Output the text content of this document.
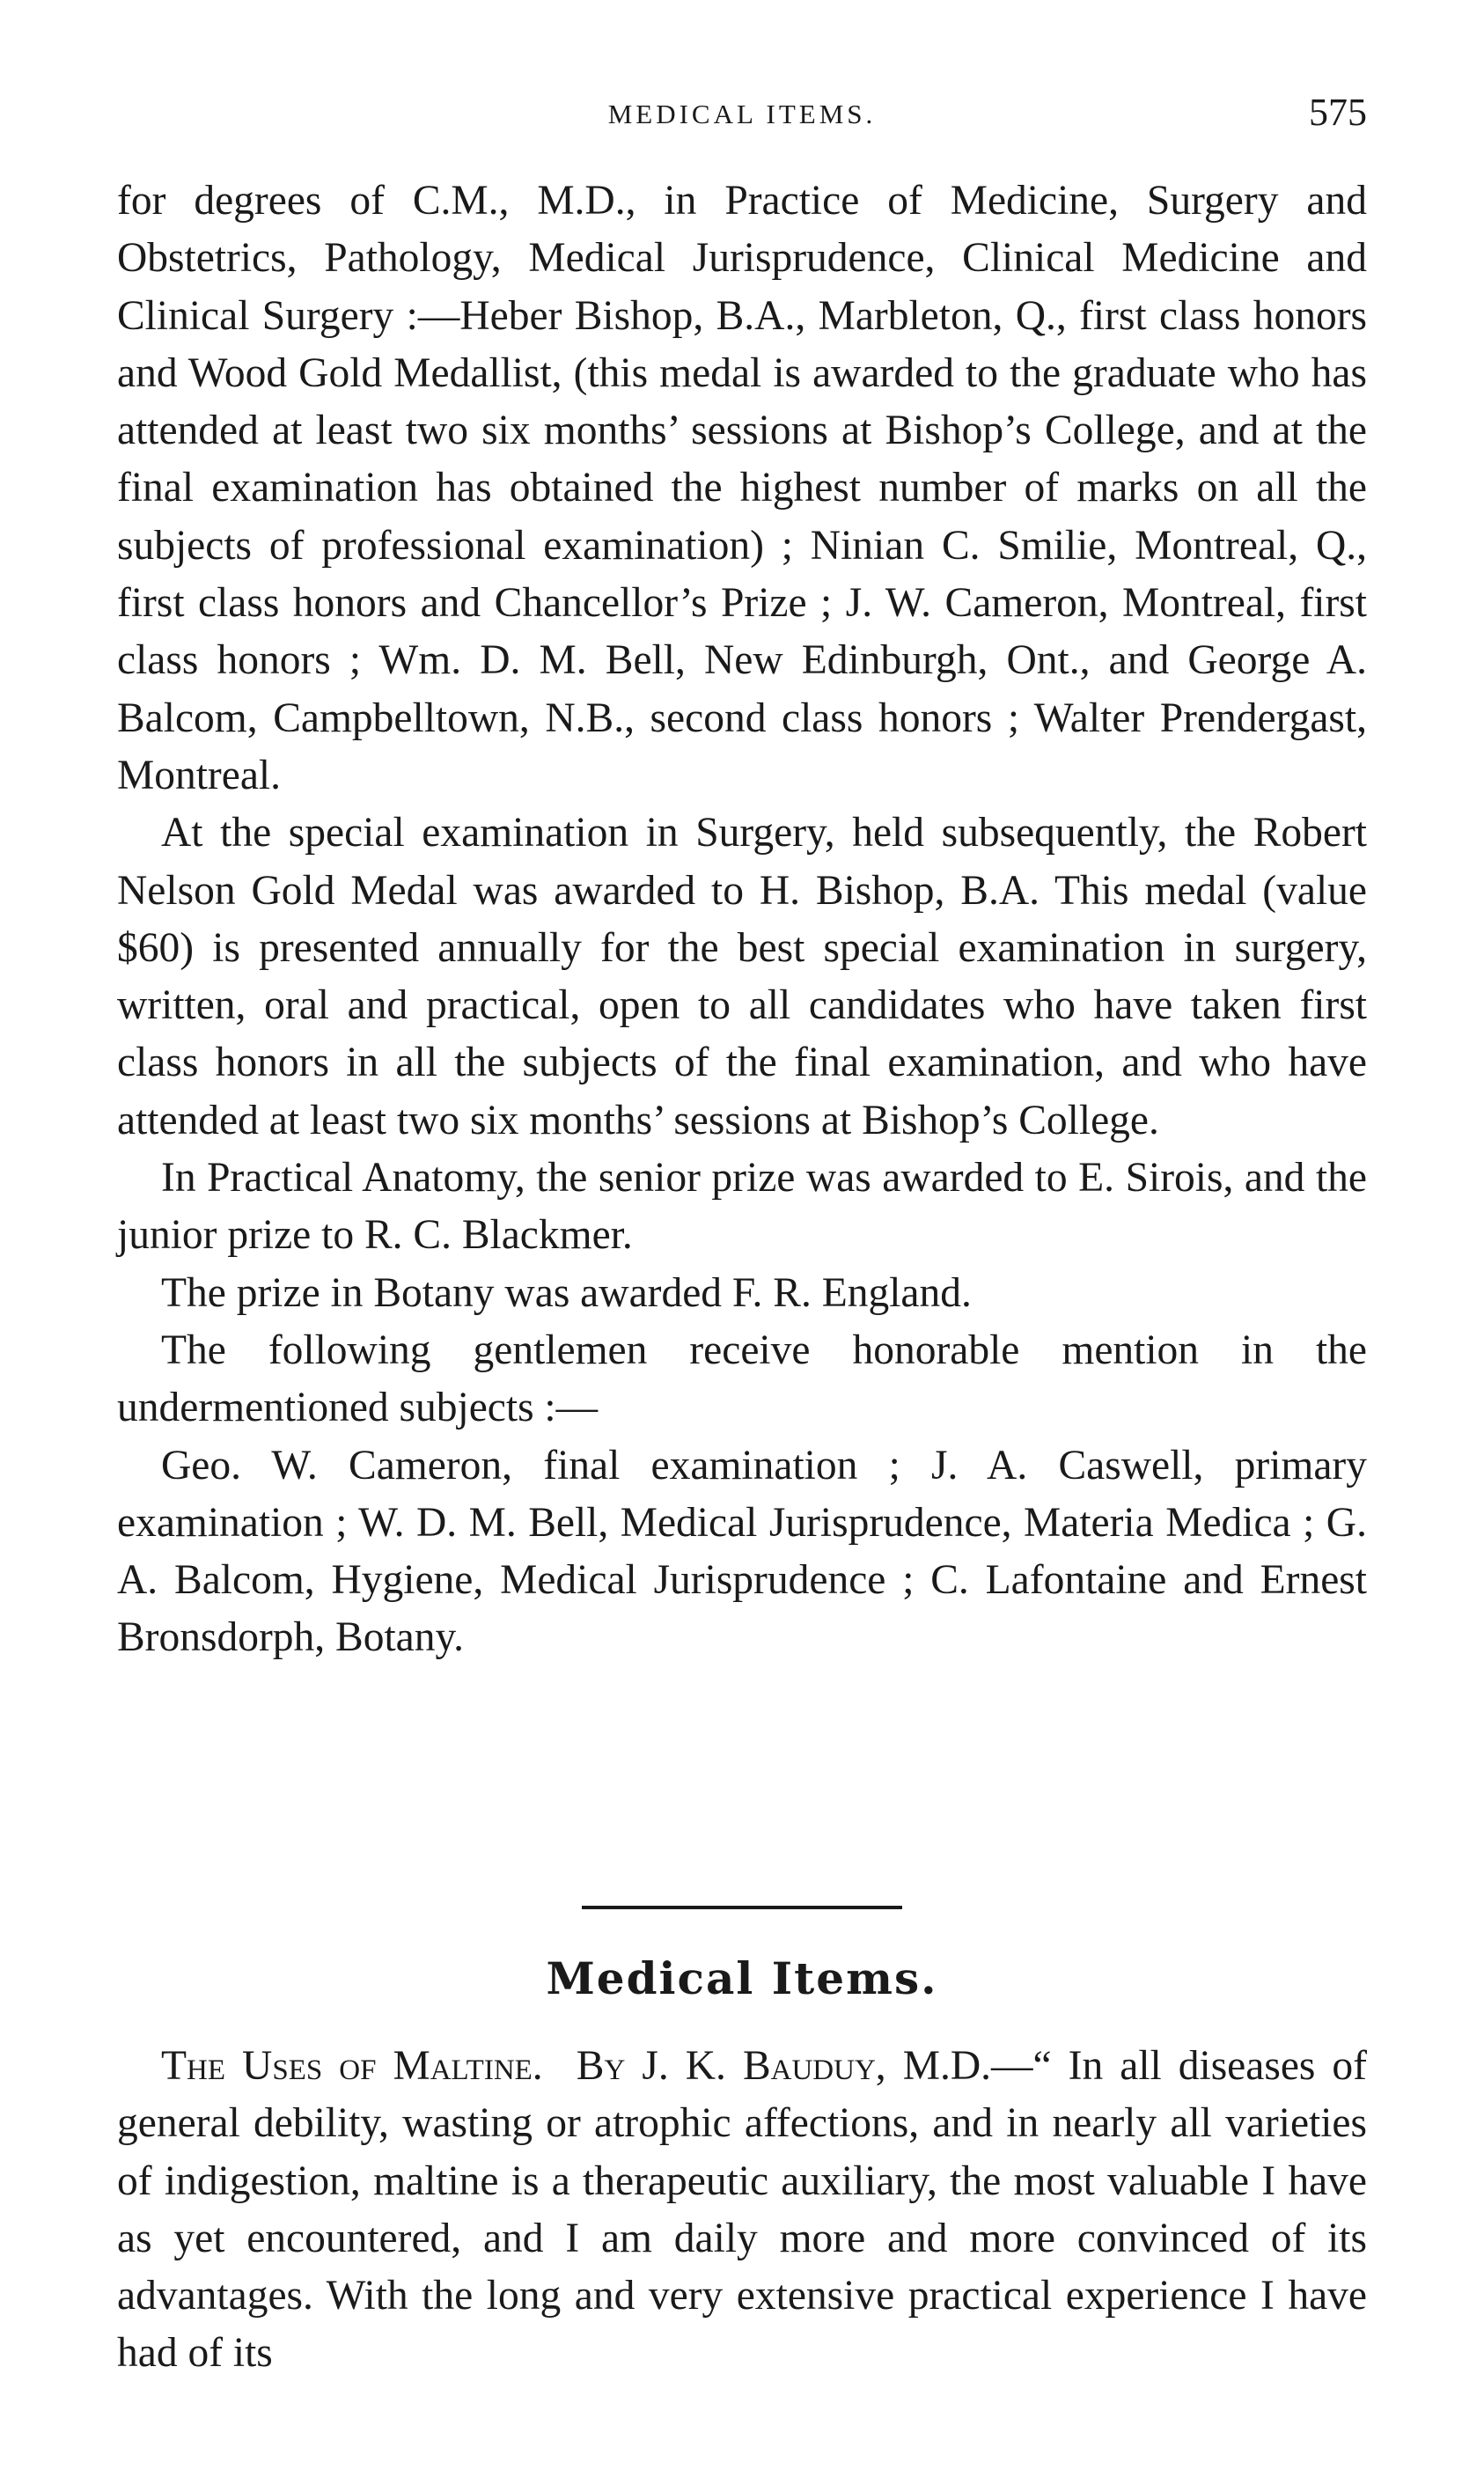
MEDICAL ITEMS.	575

for degrees of C.M., M.D., in Practice of Medicine, Surgery and Obstetrics, Pathology, Medical Jurisprudence, Clinical Medicine and Clinical Surgery :—Heber Bishop, B.A., Marbleton, Q., first class honors and Wood Gold Medallist, (this medal is awarded to the graduate who has attended at least two six months’ sessions at Bishop’s College, and at the final examination has obtained the highest number of marks on all the subjects of professional examination) ; Ninian C. Smilie, Montreal, Q., first class honors and Chancellor’s Prize ; J. W. Cameron, Montreal, first class honors ; Wm. D. M. Bell, New Edinburgh, Ont., and George A. Balcom, Campbelltown, N.B., second class honors ; Walter Prendergast, Montreal.

At the special examination in Surgery, held subsequently, the Robert Nelson Gold Medal was awarded to H. Bishop, B.A. This medal (value $60) is presented annually for the best special examination in surgery, written, oral and practical, open to all candidates who have taken first class honors in all the subjects of the final examination, and who have attended at least two six months’ sessions at Bishop’s College.

In Practical Anatomy, the senior prize was awarded to E. Sirois, and the junior prize to R. C. Blackmer.

The prize in Botany was awarded F. R. England.

The following gentlemen receive honorable mention in the undermentioned subjects :—

Geo. W. Cameron, final examination ; J. A. Caswell, primary examination ; W. D. M. Bell, Medical Jurisprudence, Materia Medica ; G. A. Balcom, Hygiene, Medical Jurisprudence ; C. Lafontaine and Ernest Bronsdorph, Botany.

Medical Items.

The Uses of Maltine. By J. K. Bauduy, M.D.—“ In all diseases of general debility, wasting or atrophic affections, and in nearly all varieties of indigestion, maltine is a therapeutic auxiliary, the most valuable I have as yet encountered, and I am daily more and more convinced of its advantages. With the long and very extensive practical experience I have had of its
